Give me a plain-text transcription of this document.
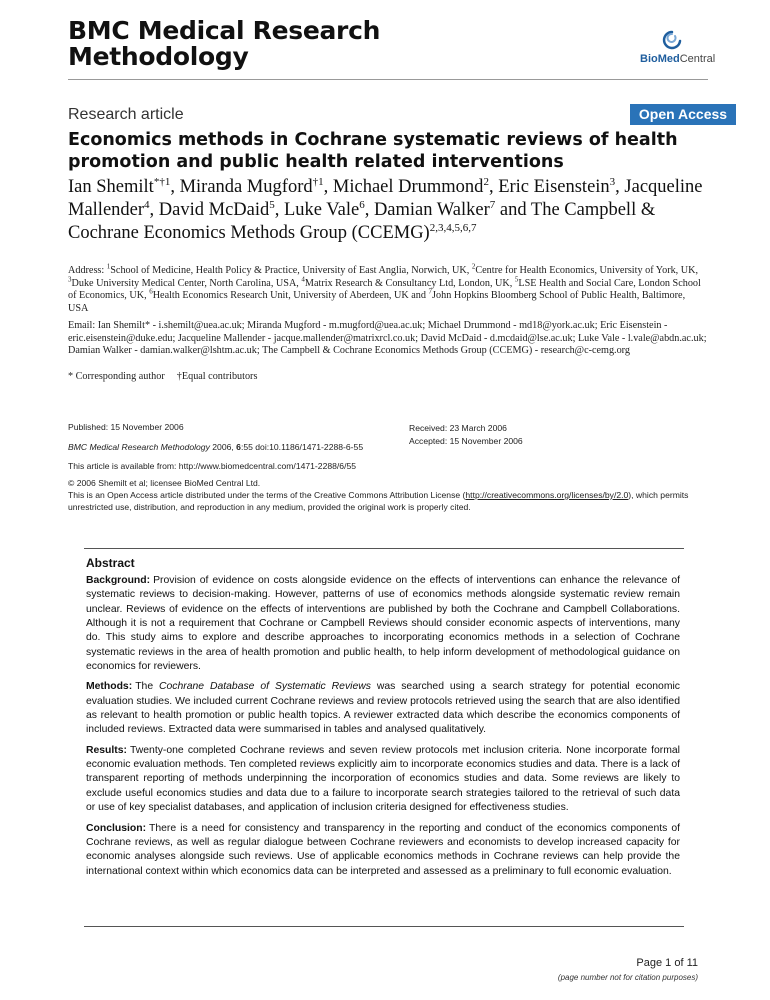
BMC Medical Research Methodology	BioMedCentral
Research article	Open Access
Economics methods in Cochrane systematic reviews of health promotion and public health related interventions
Ian Shemilt$^{*\dagger 1}$, Miranda Mugford$^{\dagger 1}$, Michael Drummond$^2$, Eric Eisenstein$^3$, Jacqueline Mallender$^4$, David McDaid$^5$, Luke Vale$^6$, Damian Walker$^7$ and The Campbell & Cochrane Economics Methods Group (CCEMG)$^{2,3,4,5,6,7}$
Address: $^1$School of Medicine, Health Policy & Practice, University of East Anglia, Norwich, UK, $^2$Centre for Health Economics, University of York, UK, $^3$Duke University Medical Center, North Carolina, USA, $^4$Matrix Research & Consultancy Ltd, London, UK, $^5$LSE Health and Social Care, London School of Economics, UK, $^6$Health Economics Research Unit, University of Aberdeen, UK and $^7$John Hopkins Bloomberg School of Public Health, Baltimore, USA
Email: Ian Shemilt* - i.shemilt@uea.ac.uk; Miranda Mugford - m.mugford@uea.ac.uk; Michael Drummond - md18@york.ac.uk; Eric Eisenstein - eric.eisenstein@duke.edu; Jacqueline Mallender - jacque.mallender@matrixrcl.co.uk; David McDaid - d.mcdaid@lse.ac.uk; Luke Vale - l.vale@abdn.ac.uk; Damian Walker - damian.walker@lshtm.ac.uk; The Campbell & Cochrane Economics Methods Group (CCEMG) - research@c-cemg.org
* Corresponding author †Equal contributors
Published: 15 November 2006
BMC Medical Research Methodology 2006, 6:55 doi:10.1186/1471-2288-6-55
This article is available from: http://www.biomedcentral.com/1471-2288/6/55
Received: 23 March 2006
Accepted: 15 November 2006
© 2006 Shemilt et al; licensee BioMed Central Ltd.
This is an Open Access article distributed under the terms of the Creative Commons Attribution License (http://creativecommons.org/licenses/by/2.0), which permits unrestricted use, distribution, and reproduction in any medium, provided the original work is properly cited.
Abstract

Background: Provision of evidence on costs alongside evidence on the effects of interventions can enhance the relevance of systematic reviews to decision-making. However, patterns of use of economics methods alongside systematic review remain unclear. Reviews of evidence on the effects of interventions are published by both the Cochrane and Campbell Collaborations. Although it is not a requirement that Cochrane or Campbell Reviews should consider economic aspects of interventions, many do. This study aims to explore and describe approaches to incorporating economics methods in a selection of Cochrane systematic reviews in the area of health promotion and public health, to help inform development of methodological guidance on economics for reviewers.

Methods: The Cochrane Database of Systematic Reviews was searched using a search strategy for potential economic evaluation studies. We included current Cochrane reviews and review protocols retrieved using the search that are also identified as relevant to health promotion or public health topics. A reviewer extracted data which describe the economics components of included reviews. Extracted data were summarised in tables and analysed qualitatively.

Results: Twenty-one completed Cochrane reviews and seven review protocols met inclusion criteria. None incorporate formal economic evaluation methods. Ten completed reviews explicitly aim to incorporate economics studies and data. There is a lack of transparent reporting of methods underpinning the incorporation of economics studies and data. Some reviews are likely to exclude useful economics studies and data due to a failure to incorporate search strategies tailored to the retrieval of such data or use of key specialist databases, and application of inclusion criteria designed for effectiveness studies.

Conclusion: There is a need for consistency and transparency in the reporting and conduct of the economics components of Cochrane reviews, as well as regular dialogue between Cochrane reviewers and economists to develop increased capacity for economic analyses alongside such reviews. Use of applicable economics methods in Cochrane reviews can help provide the international context within which economics data can be interpreted and assessed as a preliminary to full economic evaluation.

Page 1 of 11
(page number not for citation purposes)
